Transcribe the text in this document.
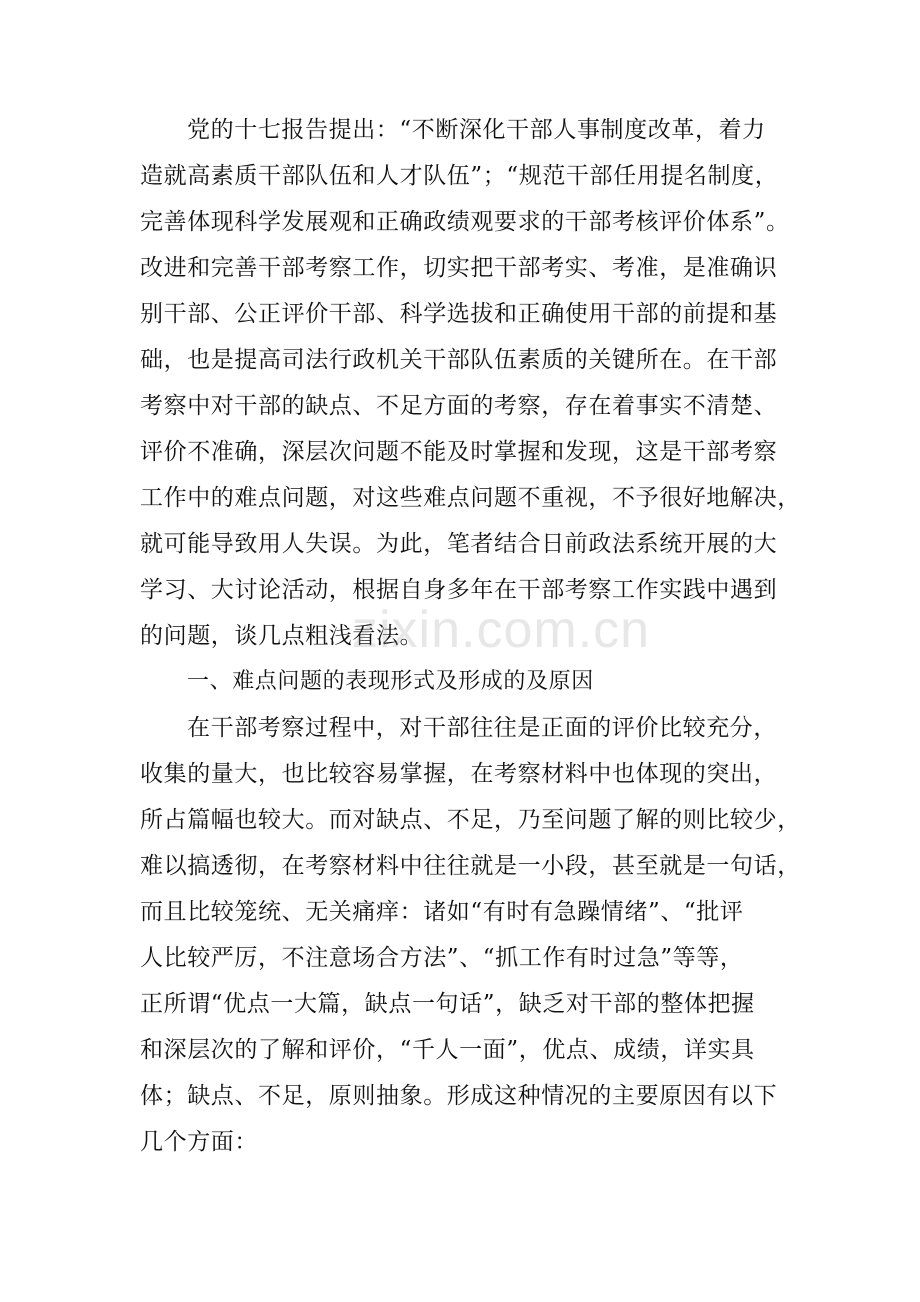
党的十七报告提出：“不断深化干部人事制度改革，着力
造就高素质干部队伍和人才队伍”；“规范干部任用提名制度，
完善体现科学发展观和正确政绩观要求的干部考核评价体系”。
改进和完善干部考察工作，切实把干部考实、考准，是准确识
别干部、公正评价干部、科学选拔和正确使用干部的前提和基
础，也是提高司法行政机关干部队伍素质的关键所在。在干部
考察中对干部的缺点、不足方面的考察，存在着事实不清楚、
评价不准确，深层次问题不能及时掌握和发现，这是干部考察
工作中的难点问题，对这些难点问题不重视，不予很好地解决，
就可能导致用人失误。为此，笔者结合日前政法系统开展的大
学习、大讨论活动，根据自身多年在干部考察工作实践中遇到
的问题，谈几点粗浅看法。
一、难点问题的表现形式及形成的及原因
在干部考察过程中，对干部往往是正面的评价比较充分，
收集的量大，也比较容易掌握，在考察材料中也体现的突出，
所占篇幅也较大。而对缺点、不足，乃至问题了解的则比较少，
难以搞透彻，在考察材料中往往就是一小段，甚至就是一句话，
而且比较笼统、无关痛痒：诸如“有时有急躁情绪”、“批评
人比较严厉，不注意场合方法”、“抓工作有时过急”等等，
正所谓“优点一大篇，缺点一句话”，缺乏对干部的整体把握
和深层次的了解和评价，“千人一面”，优点、成绩，详实具
体；缺点、不足，原则抽象。形成这种情况的主要原因有以下
几个方面：
zixin.com.cn
